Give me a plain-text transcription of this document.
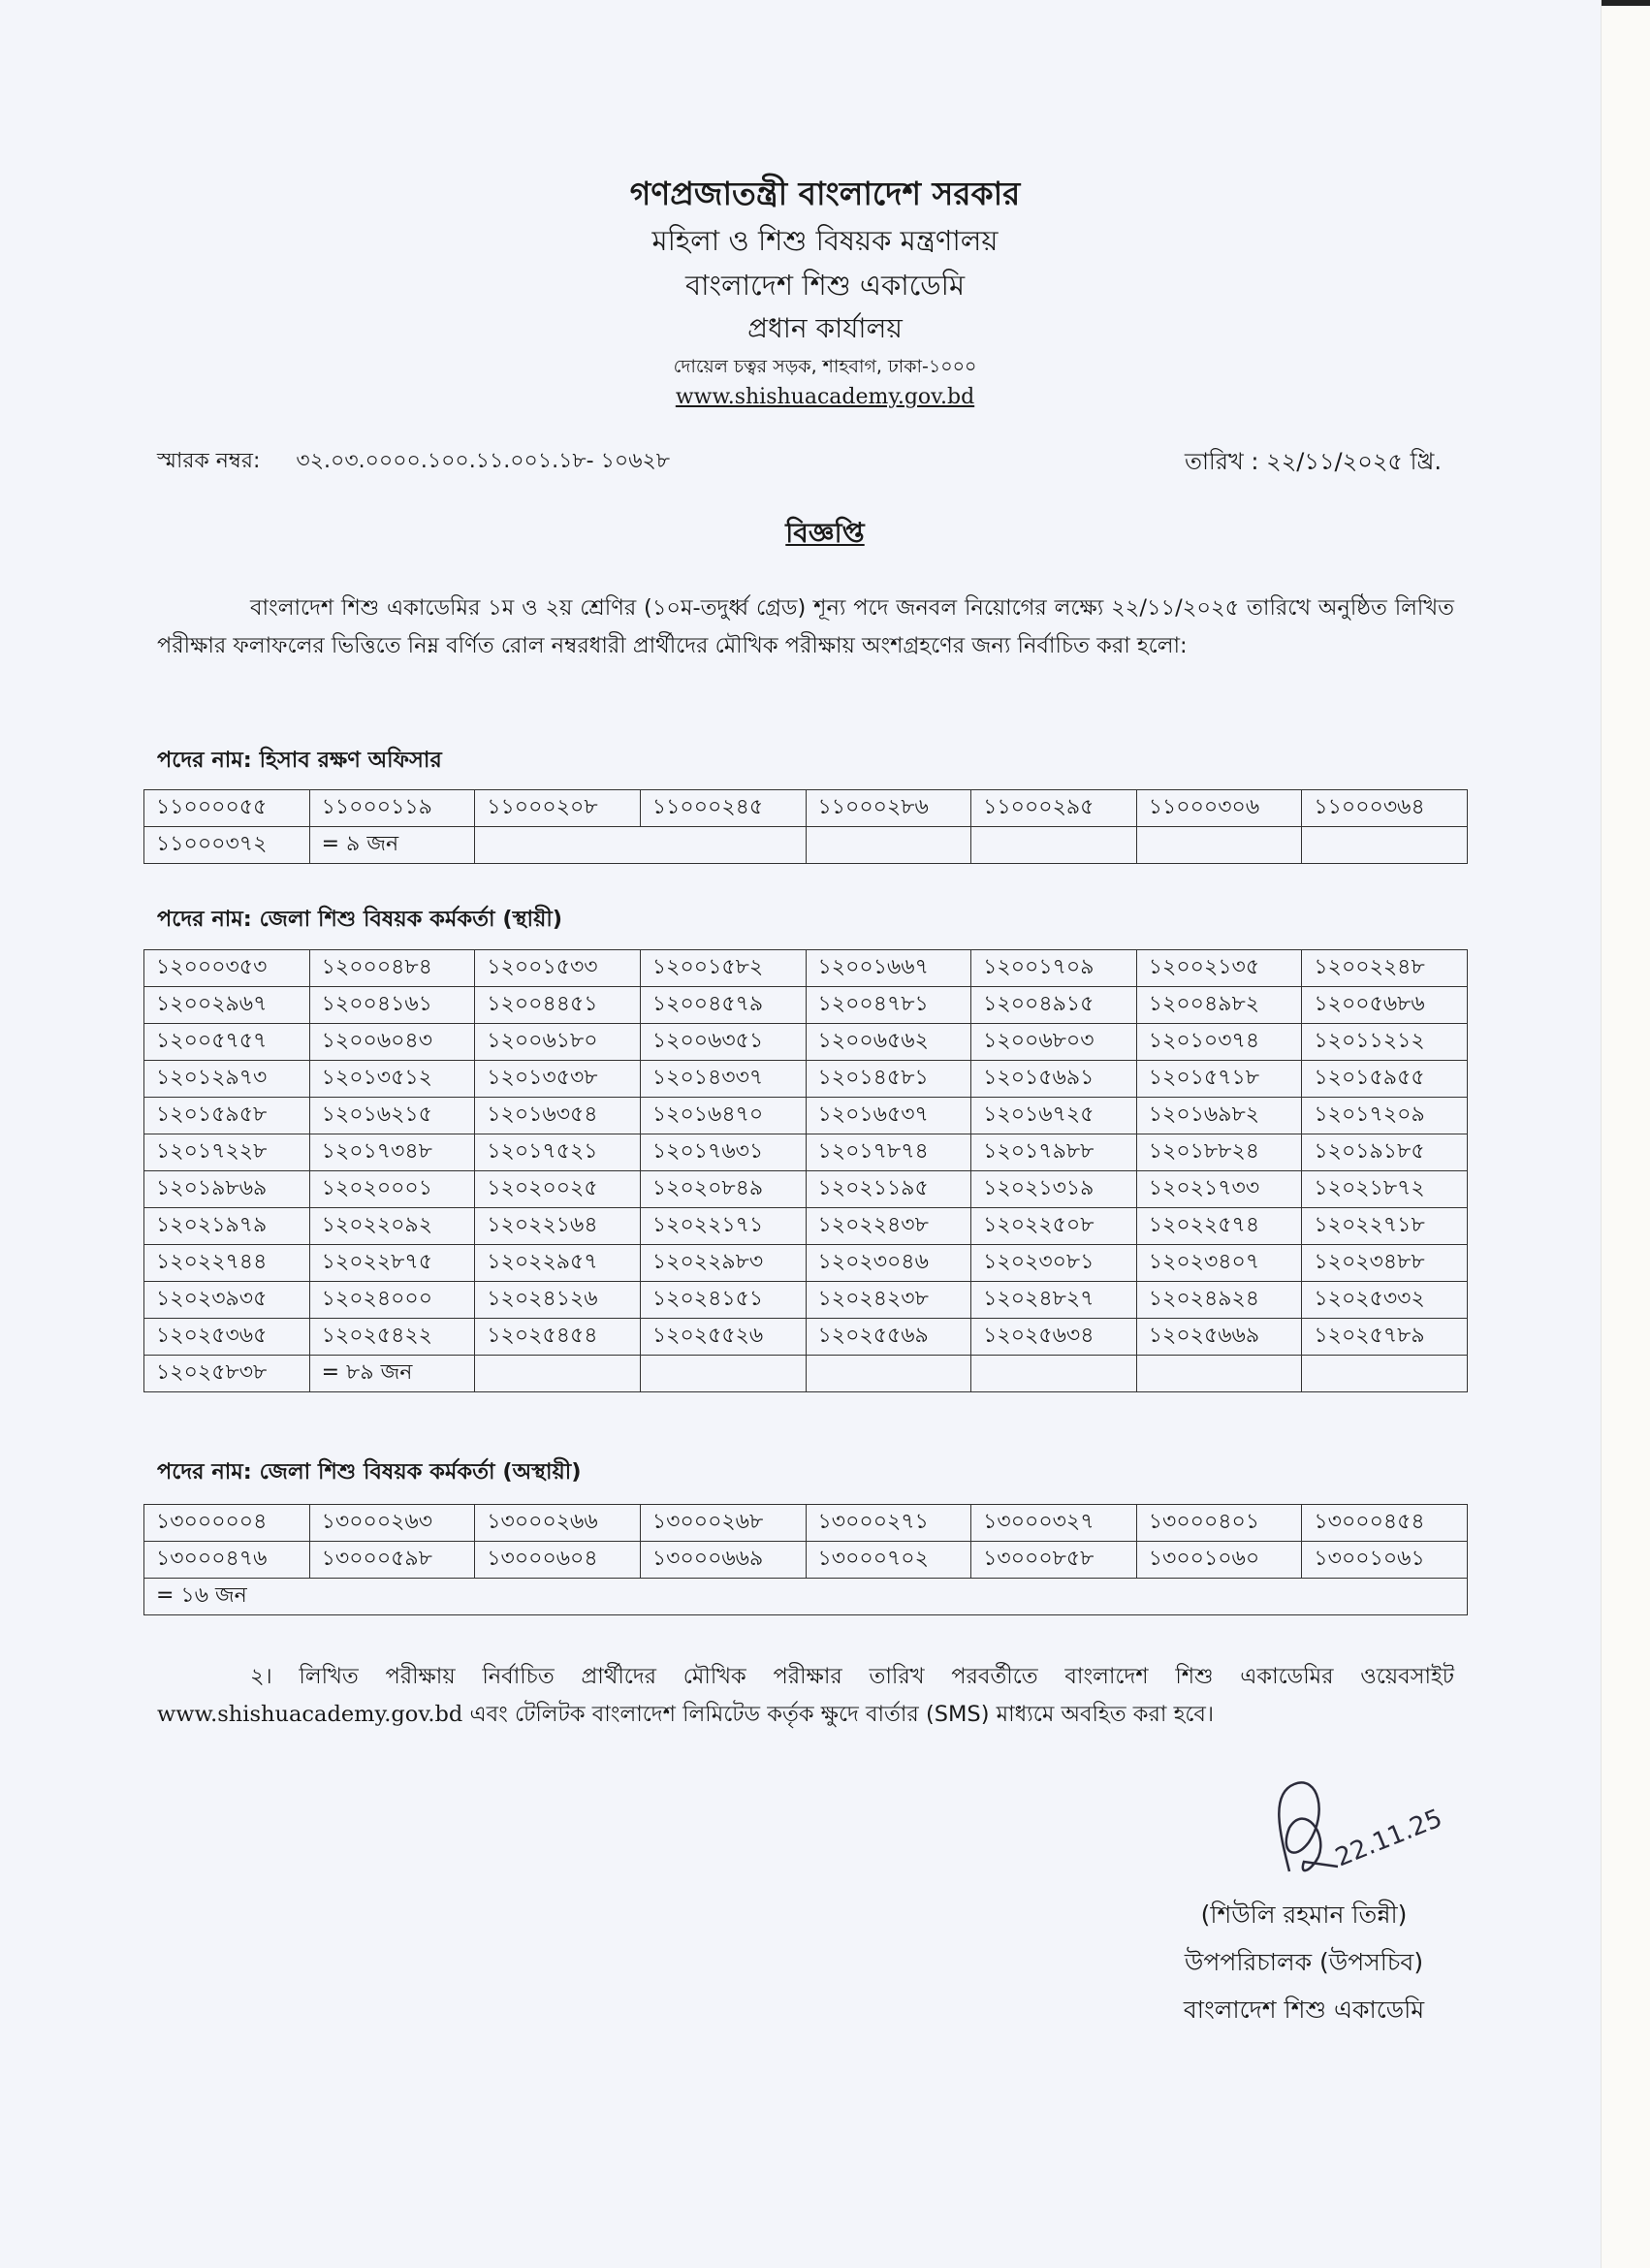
গণপ্রজাতন্ত্রী বাংলাদেশ সরকার
মহিলা ও শিশু বিষয়ক মন্ত্রণালয়
বাংলাদেশ শিশু একাডেমি
প্রধান কার্যালয়
দোয়েল চত্বর সড়ক, শাহবাগ, ঢাকা-১০০০
www.shishuacademy.gov.bd
স্মারক নম্বর: ৩২.০৩.০০০০.১০০.১১.০০১.১৮- ১০৬২৮	তারিখ : ২২/১১/২০২৫ খ্রি.
বিজ্ঞপ্তি
বাংলাদেশ শিশু একাডেমির ১ম ও ২য় শ্রেণির (১০ম-তদুর্ধ্ব গ্রেড) শূন্য পদে জনবল নিয়োগের লক্ষ্যে ২২/১১/২০২৫ তারিখে অনুষ্ঠিত লিখিত পরীক্ষার ফলাফলের ভিত্তিতে নিম্ন বর্ণিত রোল নম্বরধারী প্রার্থীদের মৌখিক পরীক্ষায় অংশগ্রহণের জন্য নির্বাচিত করা হলো:
পদের নাম: হিসাব রক্ষণ অফিসার
১১০০০০৫৫	১১০০০১১৯	১১০০০২০৮	১১০০০২৪৫	১১০০০২৮৬	১১০০০২৯৫	১১০০০৩০৬	১১০০০৩৬৪
১১০০০৩৭২	= ৯ জন						
পদের নাম: জেলা শিশু বিষয়ক কর্মকর্তা (স্থায়ী)
১২০০০৩৫৩	১২০০০৪৮৪	১২০০১৫৩৩	১২০০১৫৮২	১২০০১৬৬৭	১২০০১৭০৯	১২০০২১৩৫	১২০০২২৪৮
১২০০২৯৬৭	১২০০৪১৬১	১২০০৪৪৫১	১২০০৪৫৭৯	১২০০৪৭৮১	১২০০৪৯১৫	১২০০৪৯৮২	১২০০৫৬৮৬
১২০০৫৭৫৭	১২০০৬০৪৩	১২০০৬১৮০	১২০০৬৩৫১	১২০০৬৫৬২	১২০০৬৮০৩	১২০১০৩৭৪	১২০১১২১২
১২০১২৯৭৩	১২০১৩৫১২	১২০১৩৫৩৮	১২০১৪৩৩৭	১২০১৪৫৮১	১২০১৫৬৯১	১২০১৫৭১৮	১২০১৫৯৫৫
১২০১৫৯৫৮	১২০১৬২১৫	১২০১৬৩৫৪	১২০১৬৪৭০	১২০১৬৫৩৭	১২০১৬৭২৫	১২০১৬৯৮২	১২০১৭২০৯
১২০১৭২২৮	১২০১৭৩৪৮	১২০১৭৫২১	১২০১৭৬৩১	১২০১৭৮৭৪	১২০১৭৯৮৮	১২০১৮৮২৪	১২০১৯১৮৫
১২০১৯৮৬৯	১২০২০০০১	১২০২০০২৫	১২০২০৮৪৯	১২০২১১৯৫	১২০২১৩১৯	১২০২১৭৩৩	১২০২১৮৭২
১২০২১৯৭৯	১২০২২০৯২	১২০২২১৬৪	১২০২২১৭১	১২০২২৪৩৮	১২০২২৫০৮	১২০২২৫৭৪	১২০২২৭১৮
১২০২২৭৪৪	১২০২২৮৭৫	১২০২২৯৫৭	১২০২২৯৮৩	১২০২৩০৪৬	১২০২৩০৮১	১২০২৩৪০৭	১২০২৩৪৮৮
১২০২৩৯৩৫	১২০২৪০০০	১২০২৪১২৬	১২০২৪১৫১	১২০২৪২৩৮	১২০২৪৮২৭	১২০২৪৯২৪	১২০২৫৩৩২
১২০২৫৩৬৫	১২০২৫৪২২	১২০২৫৪৫৪	১২০২৫৫২৬	১২০২৫৫৬৯	১২০২৫৬৩৪	১২০২৫৬৬৯	১২০২৫৭৮৯
১২০২৫৮৩৮	= ৮৯ জন						
পদের নাম: জেলা শিশু বিষয়ক কর্মকর্তা (অস্থায়ী)
১৩০০০০০৪	১৩০০০২৬৩	১৩০০০২৬৬	১৩০০০২৬৮	১৩০০০২৭১	১৩০০০৩২৭	১৩০০০৪০১	১৩০০০৪৫৪
১৩০০০৪৭৬	১৩০০০৫৯৮	১৩০০০৬০৪	১৩০০০৬৬৯	১৩০০০৭০২	১৩০০০৮৫৮	১৩০০১০৬০	১৩০০১০৬১
= ১৬ জন							
২। লিখিত পরীক্ষায় নির্বাচিত প্রার্থীদের মৌখিক পরীক্ষার তারিখ পরবর্তীতে বাংলাদেশ শিশু একাডেমির ওয়েবসাইট www.shishuacademy.gov.bd এবং টেলিটক বাংলাদেশ লিমিটেড কর্তৃক ক্ষুদে বার্তার (SMS) মাধ্যমে অবহিত করা হবে।
22.11.25
(শিউলি রহমান তিন্নী)
উপপরিচালক (উপসচিব)
বাংলাদেশ শিশু একাডেমি
